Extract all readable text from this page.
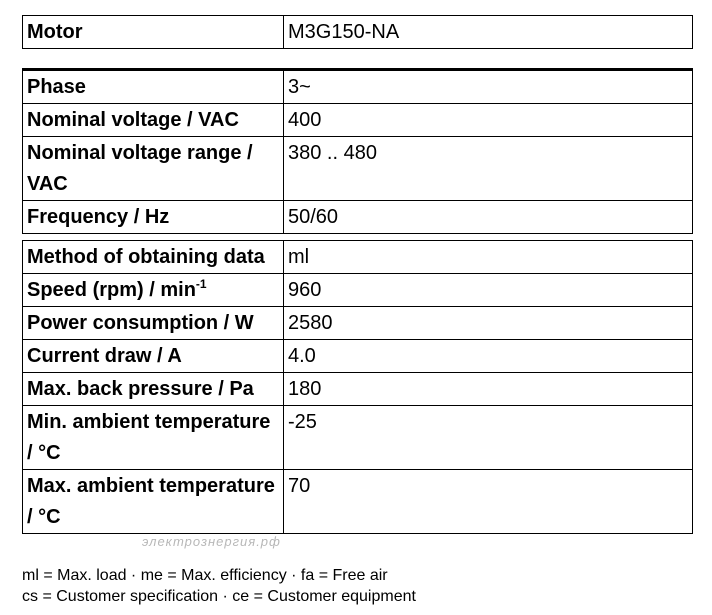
Motor	M3G150-NA
Phase	3~
Nominal voltage / VAC	400
Nominal voltage range / VAC	380 .. 480
Frequency / Hz	50/60
Method of obtaining data	ml
Speed $(rpm) / \min^{-1}$	960
Power consumption / W	2580
Current draw / A	4.0
Max. back pressure / Pa	180
Min. ambient temperature / °C	-25
Max. ambient temperature / °C	70
электрознергия.рф
ml = Max. load · me = Max. efficiency · fa = Free air
cs = Customer specification · ce = Customer equipment
